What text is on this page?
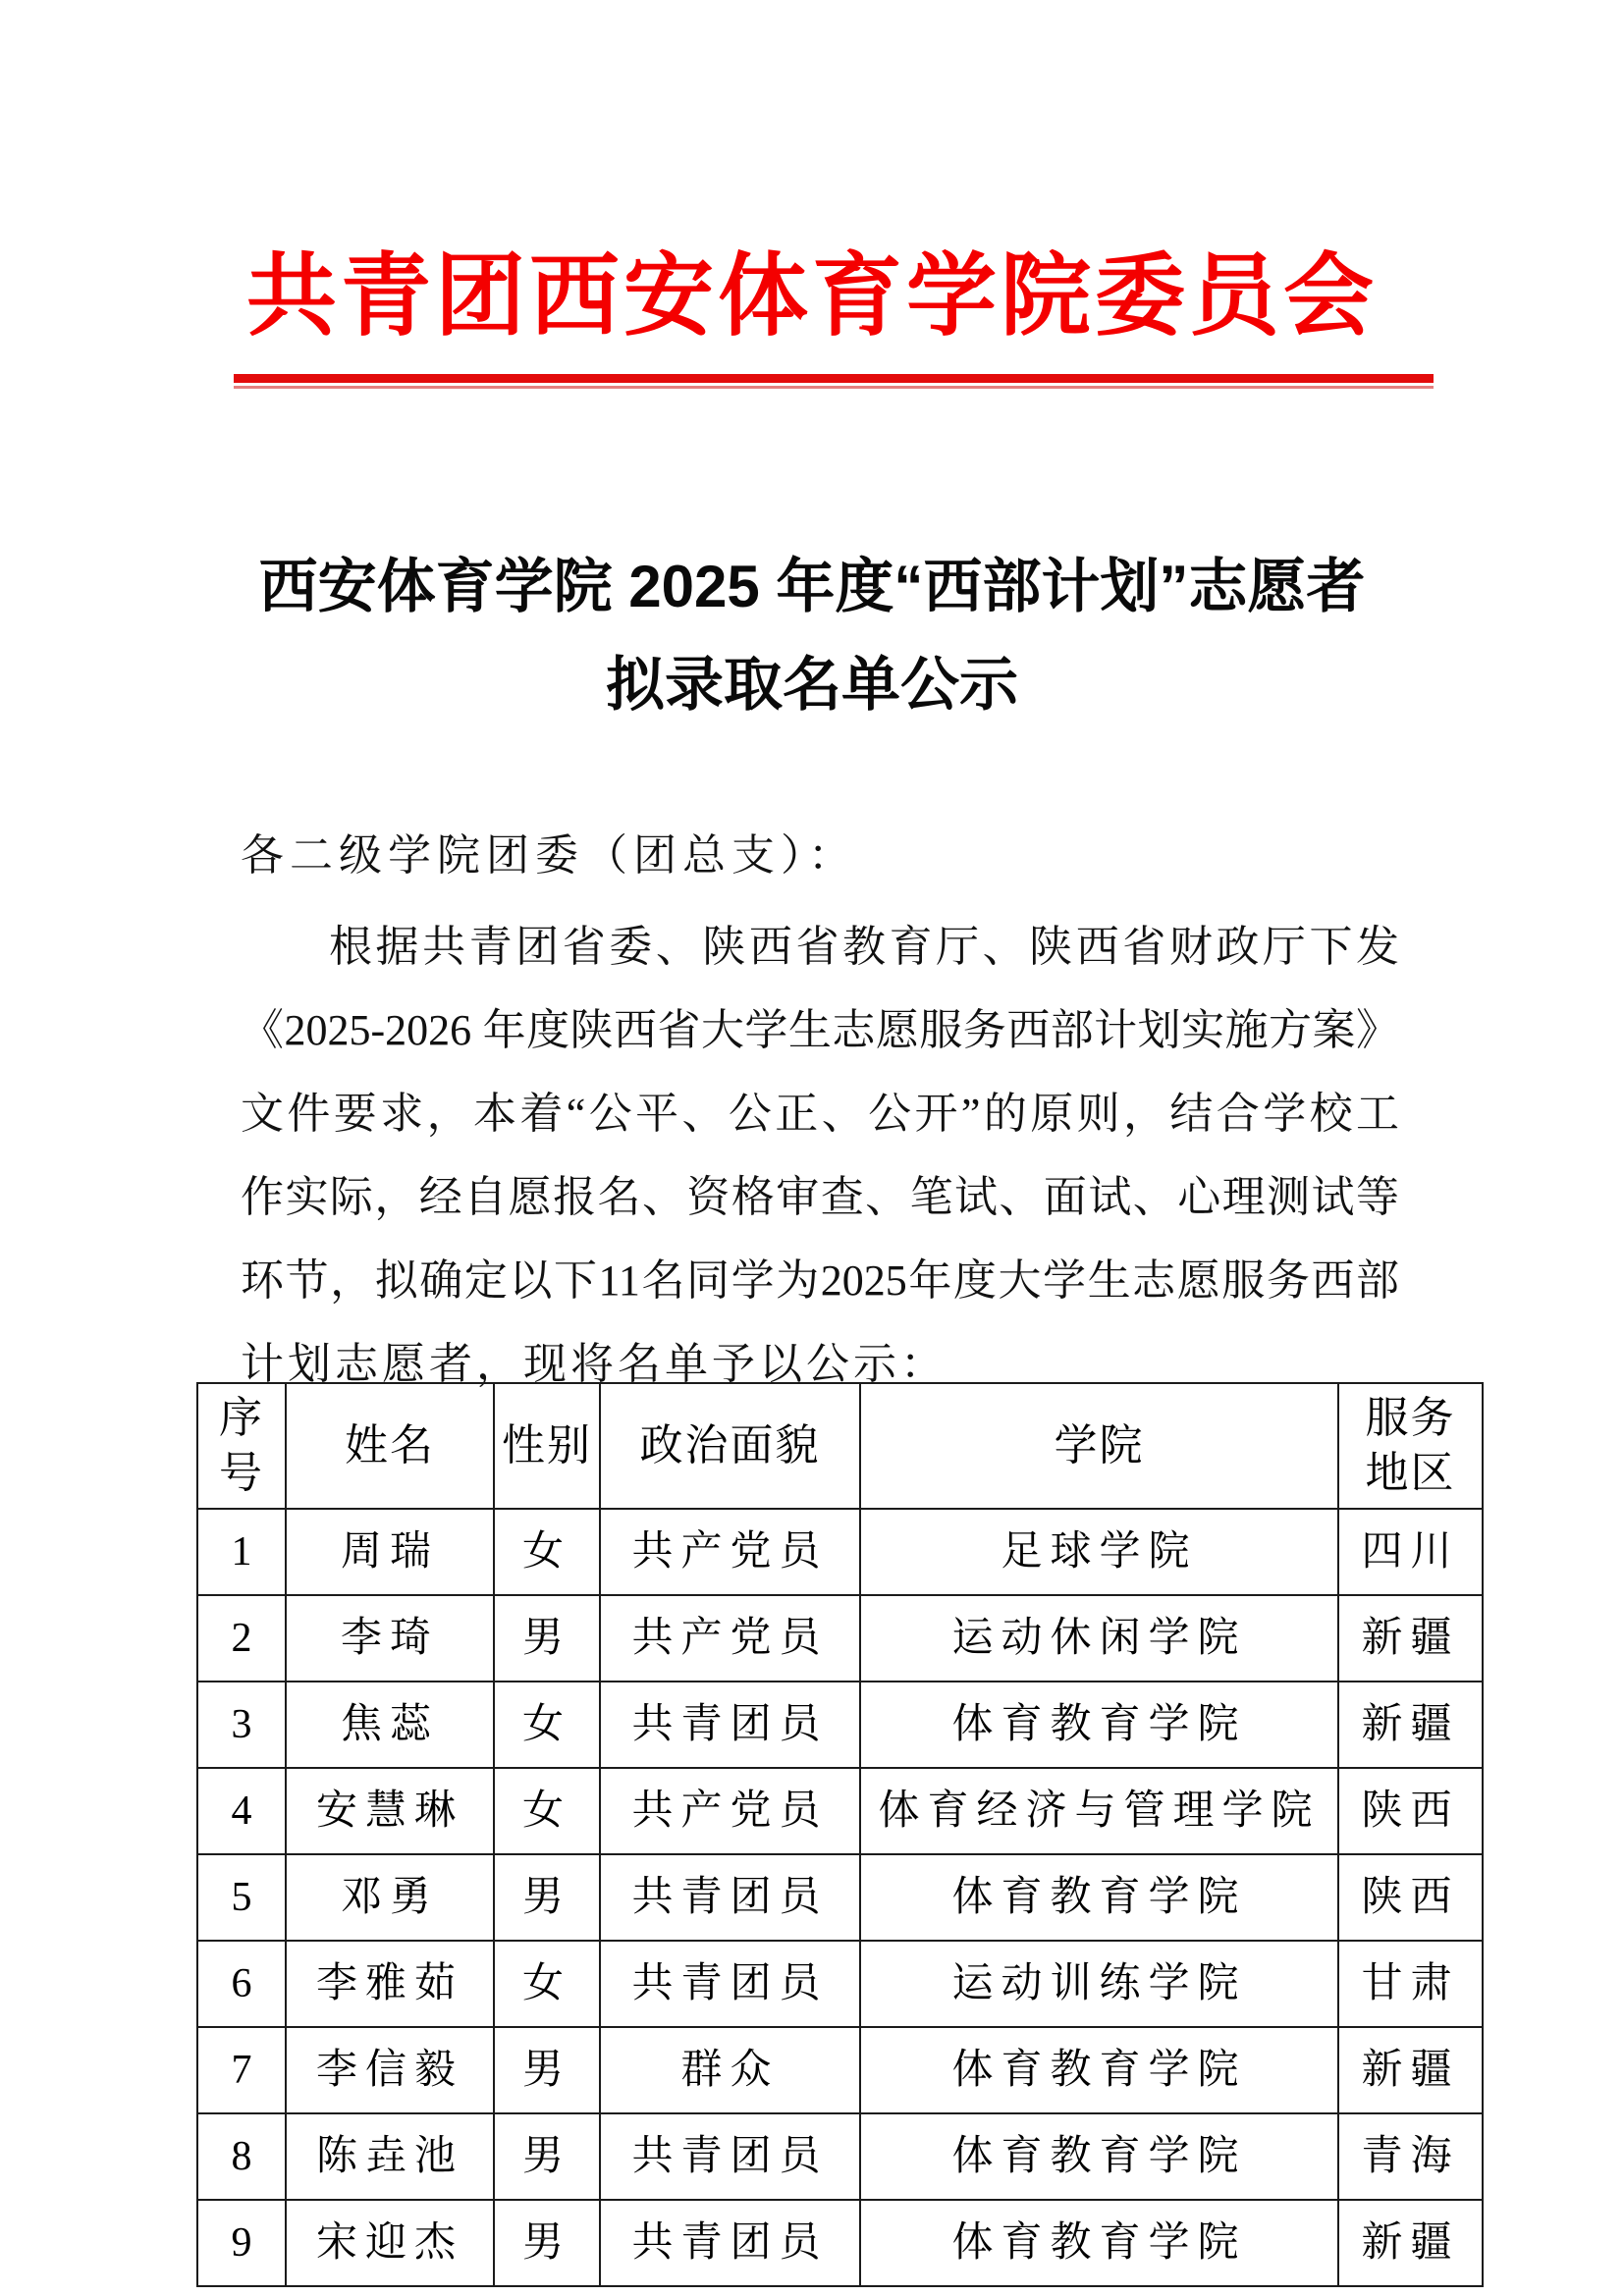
共青团西安体育学院委员会
西安体育学院 2025 年度“西部计划”志愿者
拟录取名单公示
各二级学院团委（团总支）：
根据共青团省委、陕西省教育厅、陕西省财政厅下发
《2025-2026 年度陕西省大学生志愿服务西部计划实施方案》
文件要求，本着“公平、公正、公开”的原则，结合学校工
作实际，经自愿报名、资格审查、笔试、面试、心理测试等
环节，拟确定以下11名同学为2025年度大学生志愿服务西部
计划志愿者，现将名单予以公示：
序号	姓名	性别	政治面貌	学院	服务地区
1	周瑞	女	共产党员	足球学院	四川
2	李琦	男	共产党员	运动休闲学院	新疆
3	焦蕊	女	共青团员	体育教育学院	新疆
4	安慧琳	女	共产党员	体育经济与管理学院	陕西
5	邓勇	男	共青团员	体育教育学院	陕西
6	李雅茹	女	共青团员	运动训练学院	甘肃
7	李信毅	男	群众	体育教育学院	新疆
8	陈垚池	男	共青团员	体育教育学院	青海
9	宋迎杰	男	共青团员	体育教育学院	新疆
